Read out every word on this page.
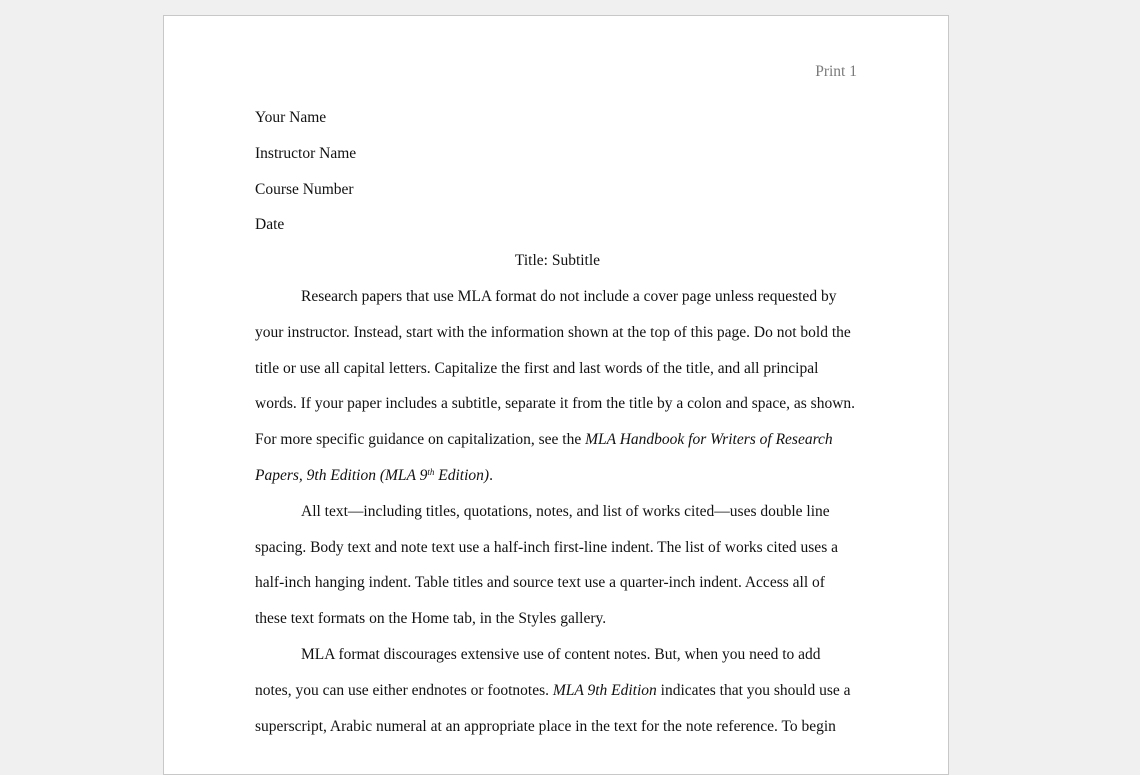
Print 1
Your Name
Instructor Name
Course Number
Date
Title: Subtitle
Research papers that use MLA format do not include a cover page unless requested by
your instructor. Instead, start with the information shown at the top of this page. Do not bold the
title or use all capital letters. Capitalize the first and last words of the title, and all principal
words. If your paper includes a subtitle, separate it from the title by a colon and space, as shown.
For more specific guidance on capitalization, see the MLA Handbook for Writers of Research
Papers, 9th Edition (MLA 9th Edition).
All text—including titles, quotations, notes, and list of works cited—uses double line
spacing. Body text and note text use a half-inch first-line indent. The list of works cited uses a
half-inch hanging indent. Table titles and source text use a quarter-inch indent. Access all of
these text formats on the Home tab, in the Styles gallery.
MLA format discourages extensive use of content notes. But, when you need to add
notes, you can use either endnotes or footnotes. MLA 9th Edition indicates that you should use a
superscript, Arabic numeral at an appropriate place in the text for the note reference. To begin
